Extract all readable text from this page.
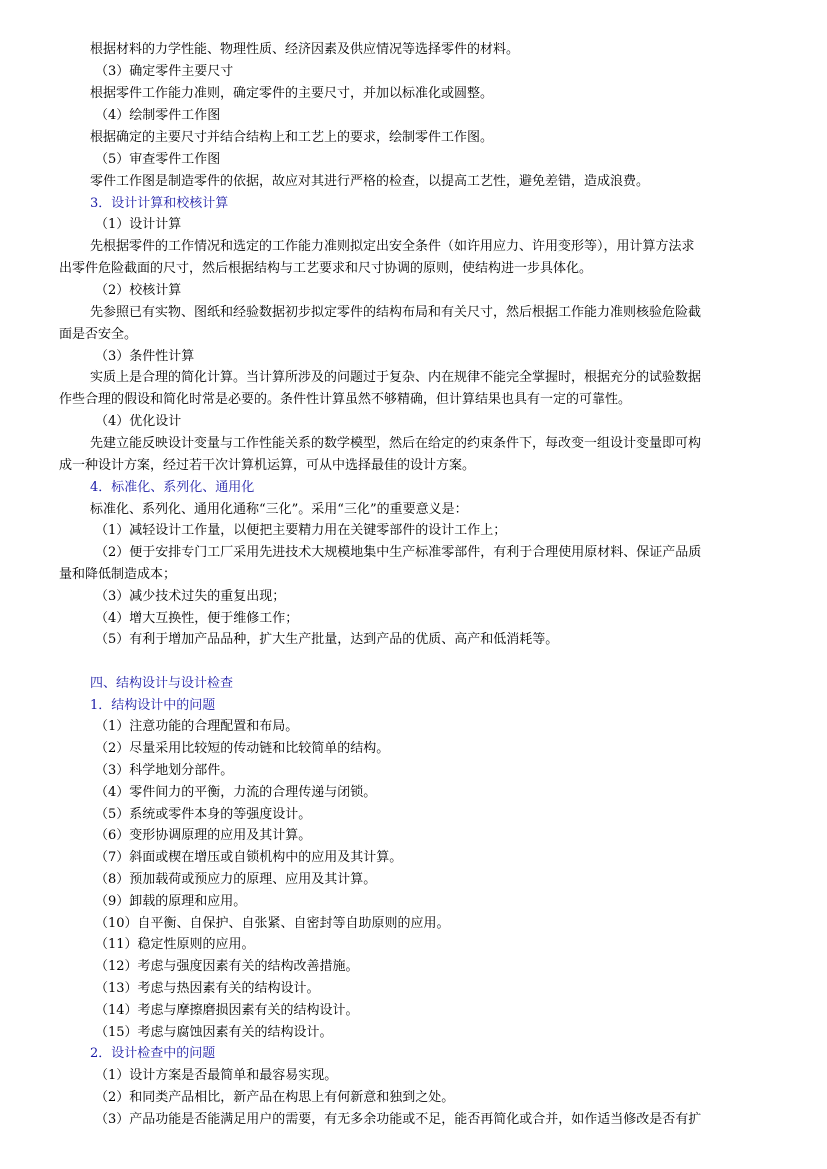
根据材料的力学性能、物理性质、经济因素及供应情况等选择零件的材料。
（3）确定零件主要尺寸
根据零件工作能力准则，确定零件的主要尺寸，并加以标准化或圆整。
（4）绘制零件工作图
根据确定的主要尺寸并结合结构上和工艺上的要求，绘制零件工作图。
（5）审查零件工作图
零件工作图是制造零件的依据，故应对其进行严格的检查，以提高工艺性，避免差错，造成浪费。
3．设计计算和校核计算
（1）设计计算
先根据零件的工作情况和选定的工作能力准则拟定出安全条件（如许用应力、许用变形等），用计算方法求
出零件危险截面的尺寸，然后根据结构与工艺要求和尺寸协调的原则，使结构进一步具体化。
（2）校核计算
先参照已有实物、图纸和经验数据初步拟定零件的结构布局和有关尺寸，然后根据工作能力准则核验危险截
面是否安全。
（3）条件性计算
实质上是合理的简化计算。当计算所涉及的问题过于复杂、内在规律不能完全掌握时，根据充分的试验数据
作些合理的假设和简化时常是必要的。条件性计算虽然不够精确，但计算结果也具有一定的可靠性。
（4）优化设计
先建立能反映设计变量与工作性能关系的数学模型，然后在给定的约束条件下，每改变一组设计变量即可构
成一种设计方案，经过若干次计算机运算，可从中选择最佳的设计方案。
4．标准化、系列化、通用化
标准化、系列化、通用化通称“三化”。采用“三化”的重要意义是：
（1）减轻设计工作量，以便把主要精力用在关键零部件的设计工作上；
（2）便于安排专门工厂采用先进技术大规模地集中生产标准零部件，有利于合理使用原材料、保证产品质
量和降低制造成本；
（3）减少技术过失的重复出现；
（4）增大互换性，便于维修工作；
（5）有利于增加产品品种，扩大生产批量，达到产品的优质、高产和低消耗等。
四、结构设计与设计检查
1．结构设计中的问题
（1）注意功能的合理配置和布局。
（2）尽量采用比较短的传动链和比较简单的结构。
（3）科学地划分部件。
（4）零件间力的平衡，力流的合理传递与闭锁。
（5）系统或零件本身的等强度设计。
（6）变形协调原理的应用及其计算。
（7）斜面或楔在增压或自锁机构中的应用及其计算。
（8）预加载荷或预应力的原理、应用及其计算。
（9）卸载的原理和应用。
（10）自平衡、自保护、自张紧、自密封等自助原则的应用。
（11）稳定性原则的应用。
（12）考虑与强度因素有关的结构改善措施。
（13）考虑与热因素有关的结构设计。
（14）考虑与摩擦磨损因素有关的结构设计。
（15）考虑与腐蚀因素有关的结构设计。
2．设计检查中的问题
（1）设计方案是否最简单和最容易实现。
（2）和同类产品相比，新产品在构思上有何新意和独到之处。
（3）产品功能是否能满足用户的需要，有无多余功能或不足，能否再简化或合并，如作适当修改是否有扩
